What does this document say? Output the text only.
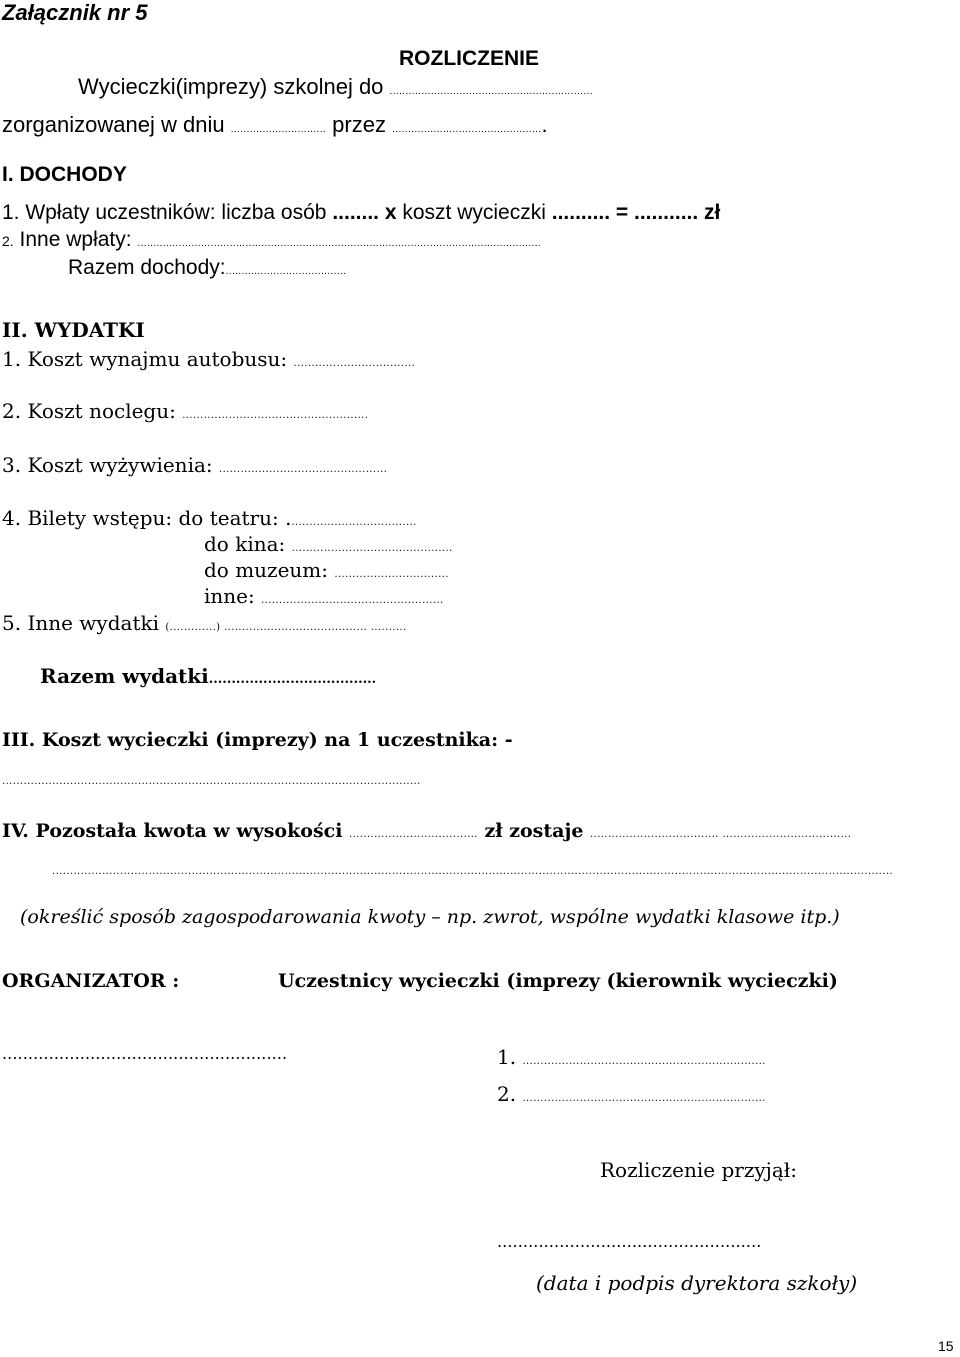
Załącznik nr 5
ROZLICZENIE
Wycieczki(imprezy) szkolnej do ................................................................
zorganizowanej w dniu .............................. przez ................................................
I. DOCHODY
1. Wpłaty uczestników: liczba osób ........ x koszt wycieczki .......... = ........... zł
2. Inne wpłaty: ...............................................................................................................................
Razem dochody:......................................
II. WYDATKI
1. Koszt wynajmu autobusu: ..................................
2. Koszt noclegu: ....................................................
3. Koszt wyżywienia: ...............................................
4. Bilety wstępu: do teatru: ....................................
do kina: .............................................
do muzeum: ................................
inne: ...................................................
5. Inne wydatki (.............) ........................................ ..........
Razem wydatki.....................................
III. Koszt wycieczki (imprezy) na 1 uczestnika: -
.....................................................................................................................
IV. Pozostała kwota w wysokości .................................... zł zostaje .................................... ....................................
...........................................................................................................................................................................................................................................
(określić sposób zagospodarowania kwoty – np. zwrot, wspólne wydatki klasowe itp.)
ORGANIZATOR :	Uczestnicy wycieczki (imprezy (kierownik wycieczki)
.......................................................	1. ....................................................................
2. ....................................................................
Rozliczenie przyjął:
...................................................
(data i podpis dyrektora szkoły)
15
